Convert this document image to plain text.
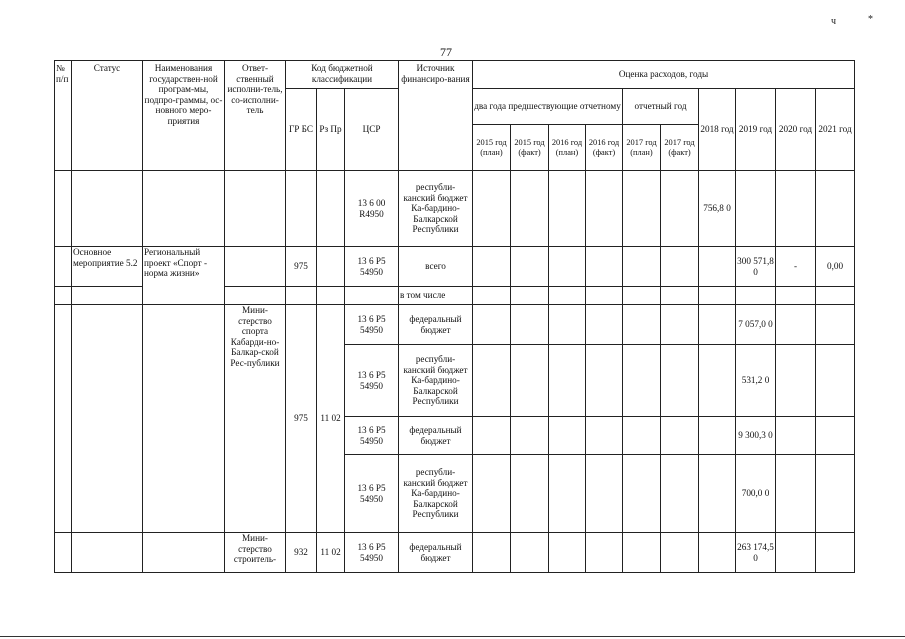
ч	*
77
№ п/п	Статус	Наименования государствен-ной програм-мы, подпро-граммы, ос-новного меро-приятия	Ответ-ственный исполни-тель, со-исполни-тель	Код бюджетной классификации			Источник финансиро-вания	Оценка расходов, годы									
				ГР БС	Рз Пр	ЦСР		два года предшествующие отчетному				отчетный год		2018 год	2019 год	2020 год	2021 год
								2015 год (план)	2015 год (факт)	2016 год (план)	2016 год (факт)	2017 год (план)	2017 год (факт)				
						13 6 00 R4950	республи-канский бюджет Ка-бардино-Балкарской Республики							756,8 0			
	Основное мероприятие 5.2	Региональный проект «Спорт - норма жизни»		975		13 6 P5 54950	всего								300 571,8 0	-	0,00
							в том числе										
			Мини-стерство спорта Кабарди-но-Балкар-ской Рес-публики	975	11 02	13 6 P5 54950	федеральный бюджет								7 057,0 0		
						13 6 P5 54950	республи-канский бюджет Ка-бардино-Балкарской Республики								531,2 0		
						13 6 P5 54950	федеральный бюджет								9 300,3 0		
						13 6 P5 54950	республи-канский бюджет Ка-бардино-Балкарской Республики								700,0 0		
			Мини-стерство строитель-	932	11 02	13 6 P5 54950	федеральный бюджет								263 174,5 0		
